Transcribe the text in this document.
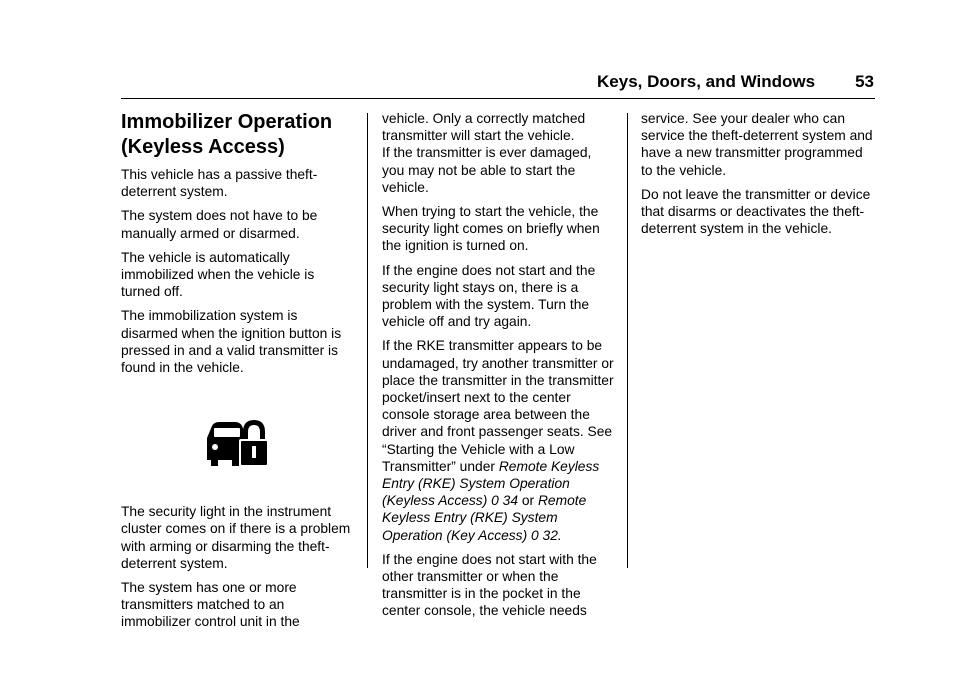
Keys, Doors, and Windows 53
Immobilizer Operation
(Keyless Access)

This vehicle has a passive theft-deterrent system.

The system does not have to be manually armed or disarmed.

The vehicle is automatically immobilized when the vehicle is turned off.

The immobilization system is disarmed when the ignition button is pressed in and a valid transmitter is found in the vehicle.

The security light in the instrument cluster comes on if there is a problem with arming or disarming the theft-deterrent system.

The system has one or more transmitters matched to an immobilizer control unit in the

vehicle. Only a correctly matched transmitter will start the vehicle.

If the transmitter is ever damaged, you may not be able to start the vehicle.

When trying to start the vehicle, the security light comes on briefly when the ignition is turned on.

If the engine does not start and the security light stays on, there is a problem with the system. Turn the vehicle off and try again.

If the RKE transmitter appears to be undamaged, try another transmitter or place the transmitter in the transmitter pocket/insert next to the center console storage area between the driver and front passenger seats. See “Starting the Vehicle with a Low Transmitter” under Remote Keyless Entry (RKE) System Operation (Keyless Access) 0 34 or Remote Keyless Entry (RKE) System Operation (Key Access) 0 32.

If the engine does not start with the other transmitter or when the transmitter is in the pocket in the center console, the vehicle needs

service. See your dealer who can service the theft-deterrent system and have a new transmitter programmed to the vehicle.

Do not leave the transmitter or device that disarms or deactivates the theft-deterrent system in the vehicle.
